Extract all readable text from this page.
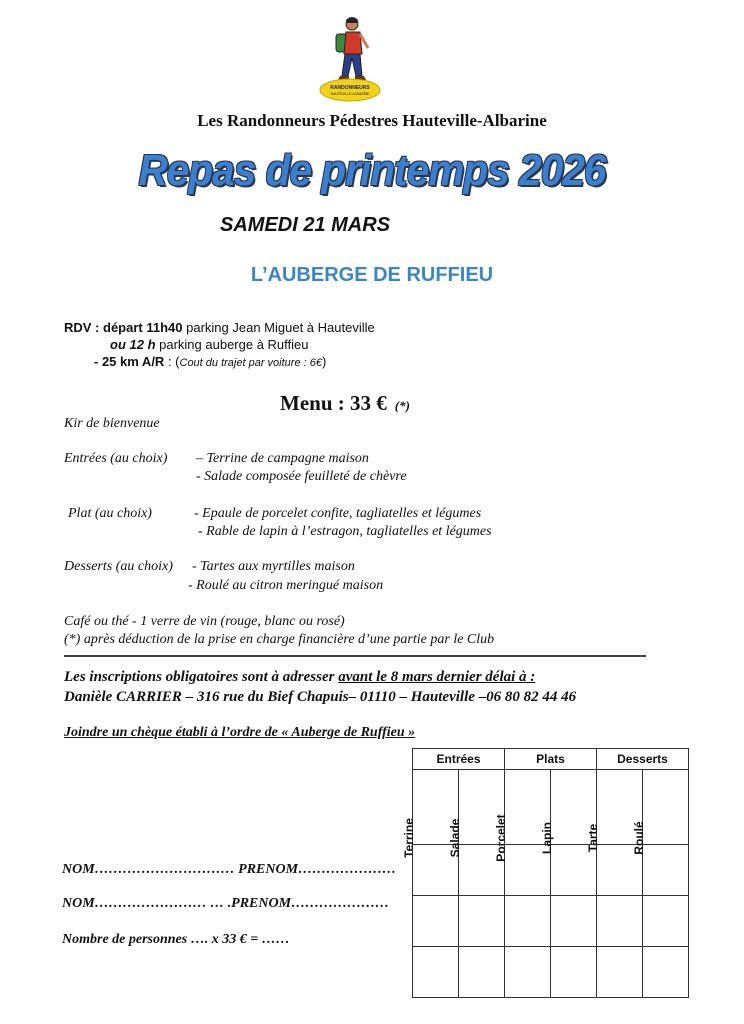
RANDONNEURS
HAUTEVILLE-ALBARINE
Les Randonneurs Pédestres Hauteville-Albarine
Repas de printemps 2026
SAMEDI 21 MARS
L’AUBERGE DE RUFFIEU
RDV : départ 11h40 parking Jean Miguet à Hauteville
ou 12 h parking auberge à Ruffieu
- 25 km A/R : (Cout du trajet par voiture : 6€)
Menu : 33 € (*)
Kir de bienvenue
Entrées (au choix) – Terrine de campagne maison
- Salade composée feuilleté de chèvre
Plat (au choix)	- Epaule de porcelet confite, tagliatelles et légumes
- Rable de lapin à l’estragon, tagliatelles et légumes
Desserts (au choix) - Tartes aux myrtilles maison
- Roulé au citron meringué maison
Café ou thé - 1 verre de vin (rouge, blanc ou rosé)
(*) après déduction de la prise en charge financière d’une partie par le Club
Les inscriptions obligatoires sont à adresser avant le 8 mars dernier délai à :
Danièle CARRIER – 316 rue du Bief Chapuis– 01110 – Hauteville –06 80 82 44 46
Joindre un chèque établi à l’ordre de « Auberge de Ruffieu »
Entrées		Plats		Desserts	

Terrine	Salade	Porcelet	Lapin	Tarte	Roulé

NOM………………………… PRENOM…………………
NOM…………………… … .PRENOM…………………
Nombre de personnes …. x 33 € = ……
